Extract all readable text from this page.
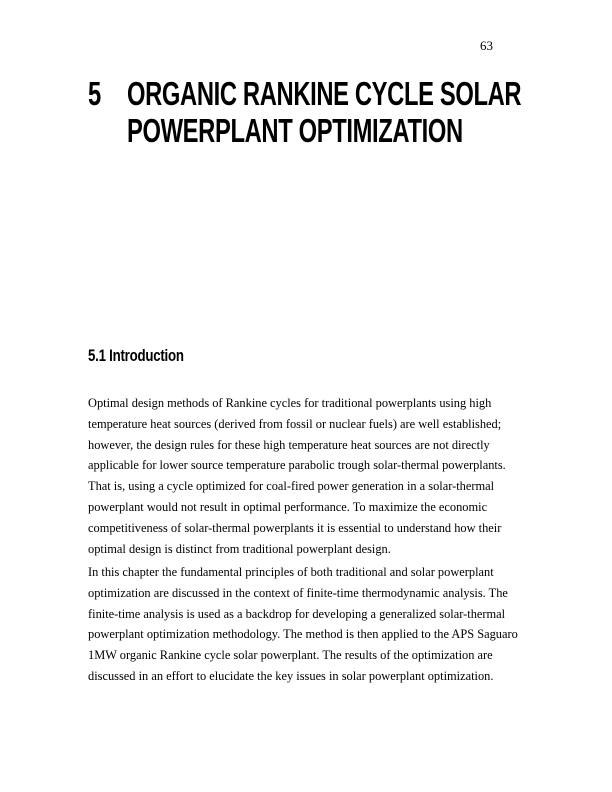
63
5 ORGANIC RANKINE CYCLE SOLAR
POWERPLANT OPTIMIZATION
5.1 Introduction
Optimal design methods of Rankine cycles for traditional powerplants using high
temperature heat sources (derived from fossil or nuclear fuels) are well established;
however, the design rules for these high temperature heat sources are not directly
applicable for lower source temperature parabolic trough solar-thermal powerplants.
That is, using a cycle optimized for coal-fired power generation in a solar-thermal
powerplant would not result in optimal performance. To maximize the economic
competitiveness of solar-thermal powerplants it is essential to understand how their
optimal design is distinct from traditional powerplant design.
In this chapter the fundamental principles of both traditional and solar powerplant
optimization are discussed in the context of finite-time thermodynamic analysis. The
finite-time analysis is used as a backdrop for developing a generalized solar-thermal
powerplant optimization methodology. The method is then applied to the APS Saguaro
1MW organic Rankine cycle solar powerplant. The results of the optimization are
discussed in an effort to elucidate the key issues in solar powerplant optimization.
